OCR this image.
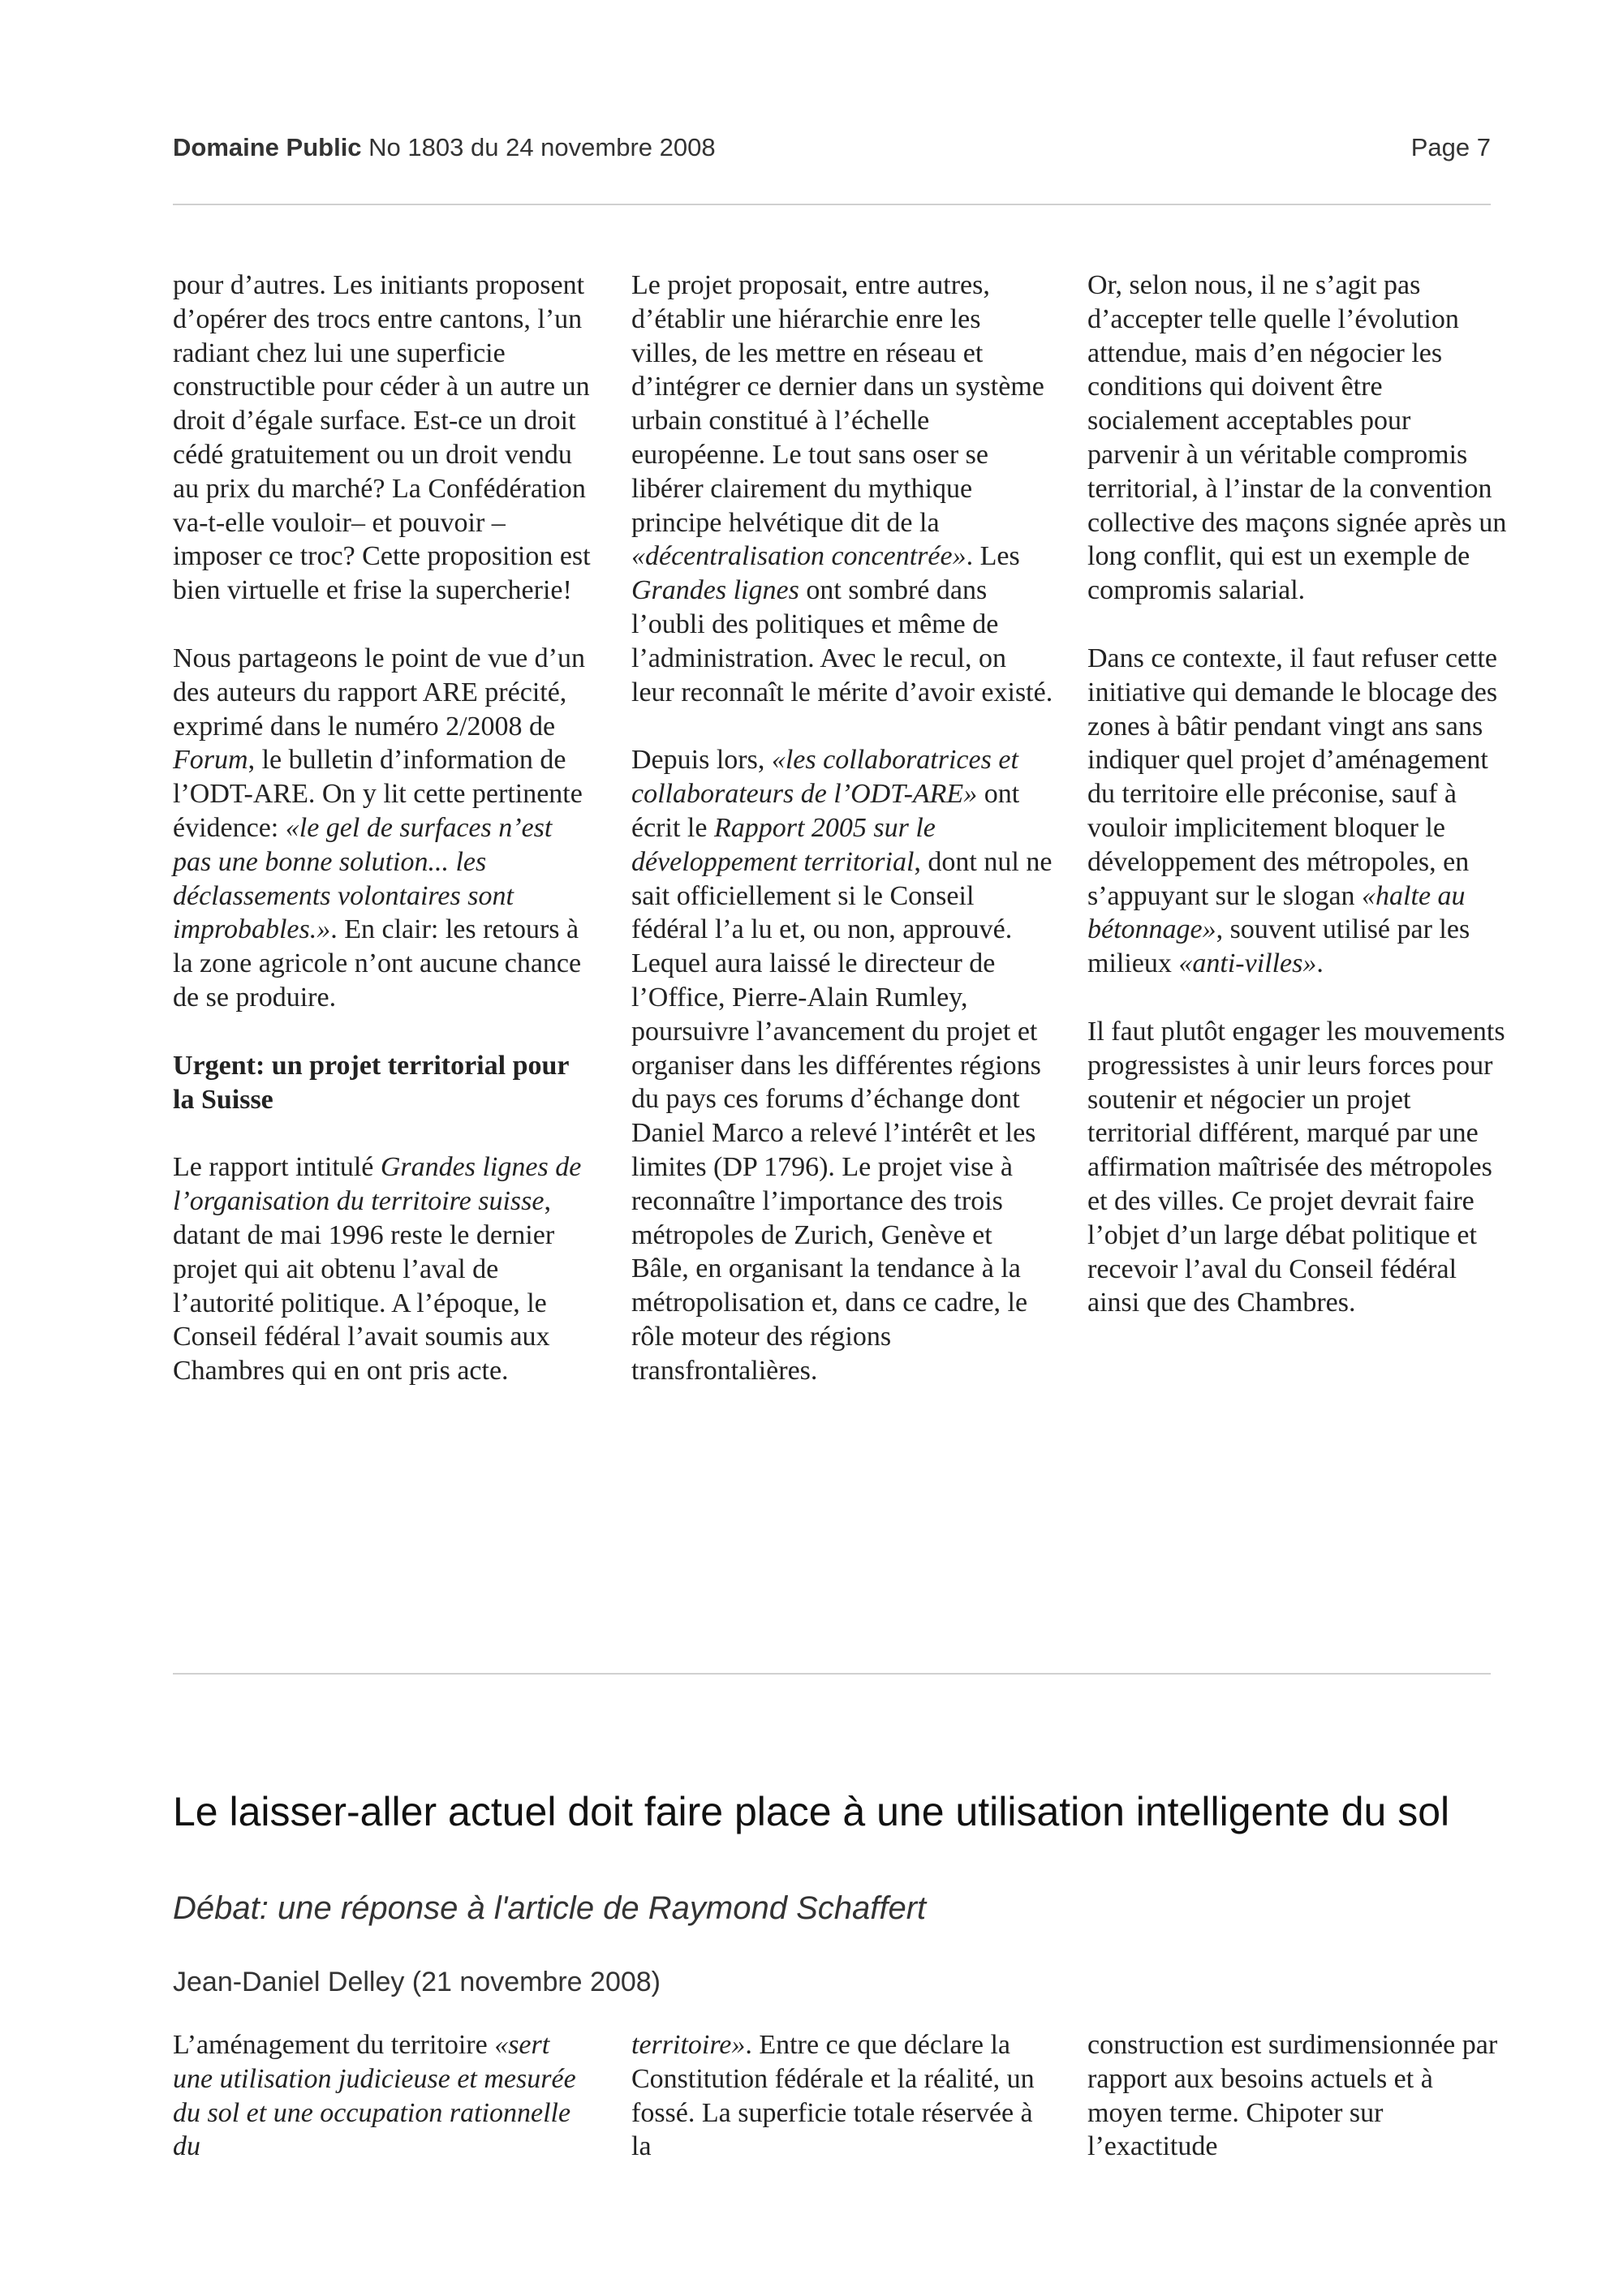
Domaine Public No 1803 du 24 novembre 2008	Page 7

pour d’autres. Les initiants proposent d’opérer des trocs entre cantons, l’un radiant chez lui une superficie constructible pour céder à un autre un droit d’égale surface. Est-ce un droit cédé gratuitement ou un droit vendu au prix du marché? La Confédération va-t-elle vouloir– et pouvoir – imposer ce troc? Cette proposition est bien virtuelle et frise la supercherie!

Nous partageons le point de vue d’un des auteurs du rapport ARE précité, exprimé dans le numéro 2/2008 de Forum, le bulletin d’information de l’ODT-ARE. On y lit cette pertinente évidence: «le gel de surfaces n’est pas une bonne solution... les déclassements volontaires sont improbables.». En clair: les retours à la zone agricole n’ont aucune chance de se produire.

Urgent: un projet territorial pour la Suisse

Le rapport intitulé Grandes lignes de l’organisation du territoire suisse, datant de mai 1996 reste le dernier projet qui ait obtenu l’aval de l’autorité politique. A l’époque, le Conseil fédéral l’avait soumis aux Chambres qui en ont pris acte.

Le projet proposait, entre autres, d’établir une hiérarchie enre les villes, de les mettre en réseau et d’intégrer ce dernier dans un système urbain constitué à l’échelle européenne. Le tout sans oser se libérer clairement du mythique principe helvétique dit de la «décentralisation concentrée». Les Grandes lignes ont sombré dans l’oubli des politiques et même de l’administration. Avec le recul, on leur reconnaît le mérite d’avoir existé.

Depuis lors, «les collaboratrices et collaborateurs de l’ODT-ARE» ont écrit le Rapport 2005 sur le développement territorial, dont nul ne sait officiellement si le Conseil fédéral l’a lu et, ou non, approuvé. Lequel aura laissé le directeur de l’Office, Pierre-Alain Rumley, poursuivre l’avancement du projet et organiser dans les différentes régions du pays ces forums d’échange dont Daniel Marco a relevé l’intérêt et les limites (DP 1796). Le projet vise à reconnaître l’importance des trois métropoles de Zurich, Genève et Bâle, en organisant la tendance à la métropolisation et, dans ce cadre, le rôle moteur des régions transfrontalières.

Or, selon nous, il ne s’agit pas d’accepter telle quelle l’évolution attendue, mais d’en négocier les conditions qui doivent être socialement acceptables pour parvenir à un véritable compromis territorial, à l’instar de la convention collective des maçons signée après un long conflit, qui est un exemple de compromis salarial.

Dans ce contexte, il faut refuser cette initiative qui demande le blocage des zones à bâtir pendant vingt ans sans indiquer quel projet d’aménagement du territoire elle préconise, sauf à vouloir implicitement bloquer le développement des métropoles, en s’appuyant sur le slogan «halte au bétonnage», souvent utilisé par les milieux «anti-villes».

Il faut plutôt engager les mouvements progressistes à unir leurs forces pour soutenir et négocier un projet territorial différent, marqué par une affirmation maîtrisée des métropoles et des villes. Ce projet devrait faire l’objet d’un large débat politique et recevoir l’aval du Conseil fédéral ainsi que des Chambres.

Le laisser-aller actuel doit faire place à une utilisation intelligente du sol
Débat: une réponse à l'article de Raymond Schaffert
Jean-Daniel Delley (21 novembre 2008)

L’aménagement du territoire «sert une utilisation judicieuse et mesurée du sol et une occupation rationnelle du

territoire». Entre ce que déclare la Constitution fédérale et la réalité, un fossé. La superficie totale réservée à la

construction est surdimensionnée par rapport aux besoins actuels et à moyen terme. Chipoter sur l’exactitude
